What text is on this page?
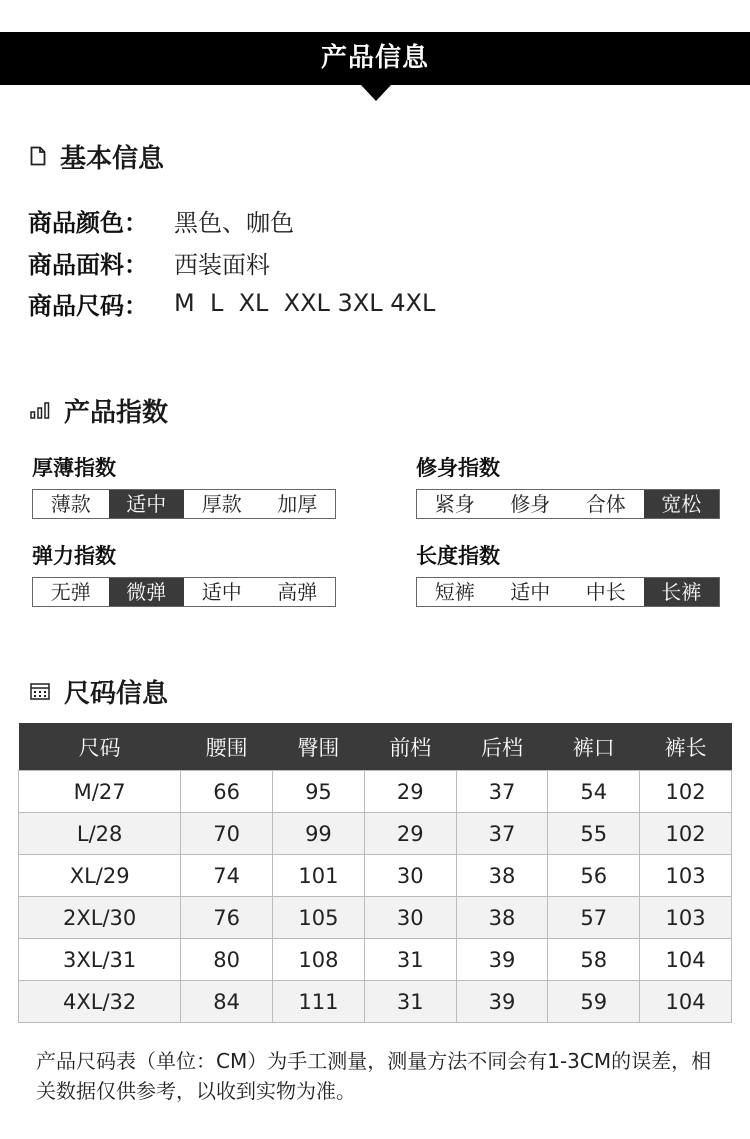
产品信息
基本信息
商品颜色：	黑色、咖色
商品面料：	西装面料
商品尺码：	M  L  XL  XXL 3XL 4XL
产品指数
厚薄指数
薄款	适中	厚款	加厚
修身指数
紧身	修身	合体	宽松
弹力指数
无弹	微弹	适中	高弹
长度指数
短裤	适中	中长	长裤
尺码信息
尺码	腰围	臀围	前档	后档	裤口	裤长
M/27	66	95	29	37	54	102
L/28	70	99	29	37	55	102
XL/29	74	101	30	38	56	103
2XL/30	76	105	30	38	57	103
3XL/31	80	108	31	39	58	104
4XL/32	84	111	31	39	59	104
产品尺码表（单位：CM）为手工测量，测量方法不同会有1-3CM的误差，相关数据仅供参考，以收到实物为准。
